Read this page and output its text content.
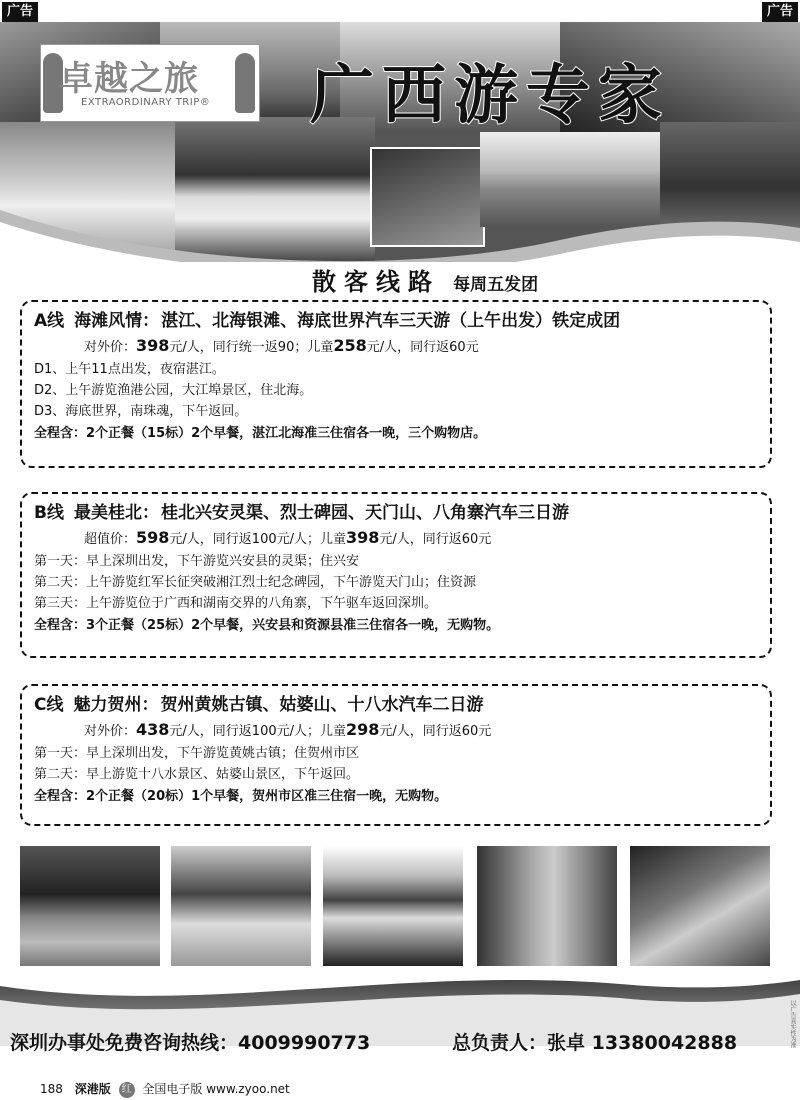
广告	广告
卓越之旅
EXTRAORDINARY TRIP® 广西游专家
散客线路 每周五发团
A线 海滩风情： 湛江、北海银滩、海底世界汽车三天游（上午出发）铁定成团
对外价：398元/人，同行统一返90；儿童258元/人，同行返60元
D1、上午11点出发，夜宿湛江。
D2、上午游览渔港公园，大江埠景区，住北海。
D3、海底世界，南珠魂，下午返回。
全程含：2个正餐（15标）2个早餐，湛江北海准三住宿各一晚，三个购物店。
B线 最美桂北： 桂北兴安灵渠、烈士碑园、天门山、八角寨汽车三日游
超值价：598元/人，同行返100元/人；儿童398元/人，同行返60元
第一天：早上深圳出发，下午游览兴安县的灵渠；住兴安
第二天：上午游览红军长征突破湘江烈士纪念碑园，下午游览天门山；住资源
第三天：上午游览位于广西和湖南交界的八角寨，下午驱车返回深圳。
全程含：3个正餐（25标）2个早餐，兴安县和资源县准三住宿各一晚，无购物。
C线 魅力贺州： 贺州黄姚古镇、姑婆山、十八水汽车二日游
对外价：438元/人，同行返100元/人；儿童298元/人，同行返60元
第一天：早上深圳出发，下午游览黄姚古镇；住贺州市区
第二天：早上游览十八水景区、姑婆山景区，下午返回。
全程含：2个正餐（20标）1个早餐，贺州市区准三住宿一晚，无购物。
深圳办事处免费咨询热线：4009990773	总负责人：张卓 13380042888	以广告真实性为准
188 深港版 红 全国电子版 www.zyoo.net
